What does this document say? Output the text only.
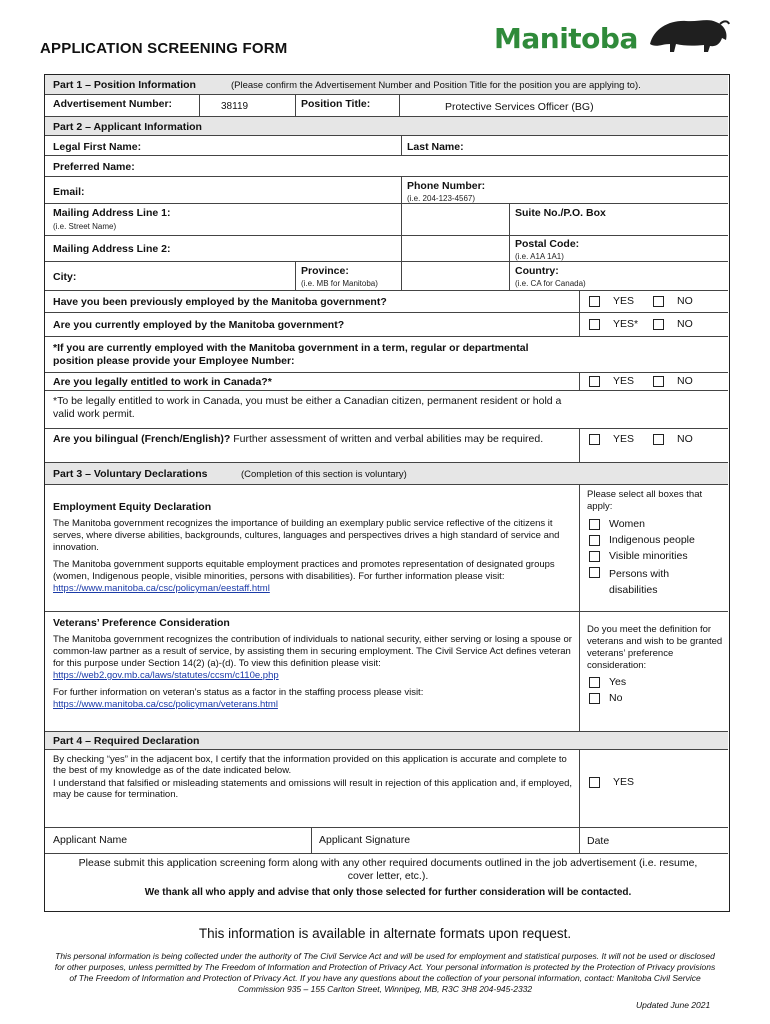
APPLICATION SCREENING FORM	Manitoba
Part 1 – Position Information	(Please confirm the Advertisement Number and Position Title for the position you are applying to).
Advertisement Number:	38119	Position Title:	Protective Services Officer (BG)
Part 2 – Applicant Information
Legal First Name:	Last Name:
Preferred Name:
Email:	Phone Number:
(i.e. 204-123-4567)
Mailing Address Line 1:
(i.e. Street Name)
Suite No./P.O. Box
Mailing Address Line 2:	Postal Code:
(i.e. A1A 1A1)
City:	Province:
(i.e. MB for Manitoba)
Country:
(i.e. CA for Canada)
Have you been previously employed by the Manitoba government?	YES	NO
Are you currently employed by the Manitoba government?	YES*	NO
*If you are currently employed with the Manitoba government in a term, regular or departmental position please provide your Employee Number:
Are you legally entitled to work in Canada?*	YES	NO
*To be legally entitled to work in Canada, you must be either a Canadian citizen, permanent resident or hold a valid work permit.
Are you bilingual (French/English)? Further assessment of written and verbal abilities may be required.	YES	NO
Part 3 – Voluntary Declarations	(Completion of this section is voluntary)
Employment Equity Declaration
The Manitoba government recognizes the importance of building an exemplary public service reflective of the citizens it serves, where diverse abilities, backgrounds, cultures, languages and perspectives drives a high standard of service and innovation.
The Manitoba government supports equitable employment practices and promotes representation of designated groups (women, Indigenous people, visible minorities, persons with disabilities). For further information please visit: https://www.manitoba.ca/csc/policyman/eestaff.html
Please select all boxes that apply:
Women
Indigenous people
Visible minorities
Persons with disabilities
Veterans’ Preference Consideration
The Manitoba government recognizes the contribution of individuals to national security, either serving or losing a spouse or common-law partner as a result of service, by assisting them in securing employment. The Civil Service Act defines veteran for this purpose under Section 14(2) (a)-(d). To view this definition please visit: https://web2.gov.mb.ca/laws/statutes/ccsm/c110e.php
For further information on veteran’s status as a factor in the staffing process please visit:
https://www.manitoba.ca/csc/policyman/veterans.html
Do you meet the definition for veterans and wish to be granted veterans’ preference consideration:
Yes
No
Part 4 – Required Declaration
By checking “yes” in the adjacent box, I certify that the information provided on this application is accurate and complete to the best of my knowledge as of the date indicated below.
I understand that falsified or misleading statements and omissions will result in rejection of this application and, if employed, may be cause for termination.
YES
Applicant Name	Applicant Signature	Date
Please submit this application screening form along with any other required documents outlined in the job advertisement (i.e. resume, cover letter, etc.).
We thank all who apply and advise that only those selected for further consideration will be contacted.
This information is available in alternate formats upon request.
This personal information is being collected under the authority of The Civil Service Act and will be used for employment and statistical purposes. It will not be used or disclosed for other purposes, unless permitted by The Freedom of Information and Protection of Privacy Act. Your personal information is protected by the Protection of Privacy provisions of The Freedom of Information and Protection of Privacy Act. If you have any questions about the collection of your personal information, contact: Manitoba Civil Service Commission 935 – 155 Carlton Street, Winnipeg, MB, R3C 3H8 204-945-2332
Updated June 2021
